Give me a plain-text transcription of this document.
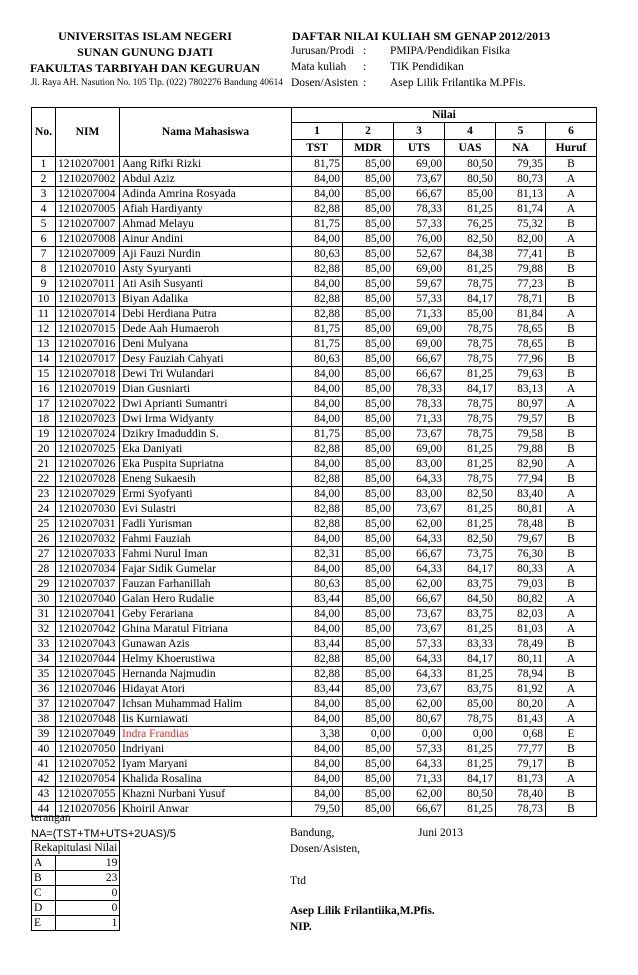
UNIVERSITAS ISLAM NEGERI
SUNAN GUNUNG DJATI
FAKULTAS TARBIYAH DAN KEGURUAN
Jl. Raya AH. Nasution No. 105 Tlp. (022) 7802276 Bandung 40614
DAFTAR NILAI KULIAH SM GENAP 2012/2013
Jurusan/Prodi : PMIPA/Pendidikan Fisika
Mata kuliah : TIK Pendidikan
Dosen/Asisten : Asep Lilik Frilantika M.PFis.
No.	NIM	Nama Mahasiswa	Nilai					
			1	2	3	4	5	6
			TST	MDR	UTS	UAS	NA	Huruf
1	1210207001	Aang Rifki Rizki	81,75	85,00	69,00	80,50	79,35	B
2	1210207002	Abdul Aziz	84,00	85,00	73,67	80,50	80,73	A
3	1210207004	Adinda Amrina Rosyada	84,00	85,00	66,67	85,00	81,13	A
4	1210207005	Afiah Hardiyanty	82,88	85,00	78,33	81,25	81,74	A
5	1210207007	Ahmad Melayu	81,75	85,00	57,33	76,25	75,32	B
6	1210207008	Ainur Andini	84,00	85,00	76,00	82,50	82,00	A
7	1210207009	Aji Fauzi Nurdin	80,63	85,00	52,67	84,38	77,41	B
8	1210207010	Asty Syuryanti	82,88	85,00	69,00	81,25	79,88	B
9	1210207011	Ati Asih Susyanti	84,00	85,00	59,67	78,75	77,23	B
10	1210207013	Biyan Adalika	82,88	85,00	57,33	84,17	78,71	B
11	1210207014	Debi Herdiana Putra	82,88	85,00	71,33	85,00	81,84	A
12	1210207015	Dede Aah Humaeroh	81,75	85,00	69,00	78,75	78,65	B
13	1210207016	Deni Mulyana	81,75	85,00	69,00	78,75	78,65	B
14	1210207017	Desy Fauziah Cahyati	80,63	85,00	66,67	78,75	77,96	B
15	1210207018	Dewi Tri Wulandari	84,00	85,00	66,67	81,25	79,63	B
16	1210207019	Dian Gusniarti	84,00	85,00	78,33	84,17	83,13	A
17	1210207022	Dwi Aprianti Sumantri	84,00	85,00	78,33	78,75	80,97	A
18	1210207023	Dwi Irma Widyanty	84,00	85,00	71,33	78,75	79,57	B
19	1210207024	Dzikry Imaduddin S.	81,75	85,00	73,67	78,75	79,58	B
20	1210207025	Eka Daniyati	82,88	85,00	69,00	81,25	79,88	B
21	1210207026	Eka Puspita Supriatna	84,00	85,00	83,00	81,25	82,90	A
22	1210207028	Eneng Sukaesih	82,88	85,00	64,33	78,75	77,94	B
23	1210207029	Ermi Syofyanti	84,00	85,00	83,00	82,50	83,40	A
24	1210207030	Evi Sulastri	82,88	85,00	73,67	81,25	80,81	A
25	1210207031	Fadli Yurisman	82,88	85,00	62,00	81,25	78,48	B
26	1210207032	Fahmi Fauziah	84,00	85,00	64,33	82,50	79,67	B
27	1210207033	Fahmi Nurul Iman	82,31	85,00	66,67	73,75	76,30	B
28	1210207034	Fajar Sidik Gumelar	84,00	85,00	64,33	84,17	80,33	A
29	1210207037	Fauzan Farhanillah	80,63	85,00	62,00	83,75	79,03	B
30	1210207040	Galan Hero Rudalie	83,44	85,00	66,67	84,50	80,82	A
31	1210207041	Geby Ferariana	84,00	85,00	73,67	83,75	82,03	A
32	1210207042	Ghina Maratul Fitriana	84,00	85,00	73,67	81,25	81,03	A
33	1210207043	Gunawan Azis	83,44	85,00	57,33	83,33	78,49	B
34	1210207044	Helmy Khoerustiwa	82,88	85,00	64,33	84,17	80,11	A
35	1210207045	Hernanda Najmudin	82,88	85,00	64,33	81,25	78,94	B
36	1210207046	Hidayat Atori	83,44	85,00	73,67	83,75	81,92	A
37	1210207047	Ichsan Muhammad Halim	84,00	85,00	62,00	85,00	80,20	A
38	1210207048	Iis Kurniawati	84,00	85,00	80,67	78,75	81,43	A
39	1210207049	Indra Frandias	3,38	0,00	0,00	0,00	0,68	E
40	1210207050	Indriyani	84,00	85,00	57,33	81,25	77,77	B
41	1210207052	Iyam Maryani	84,00	85,00	64,33	81,25	79,17	B
42	1210207054	Khalida Rosalina	84,00	85,00	71,33	84,17	81,73	A
43	1210207055	Khazni Nurbani Yusuf	84,00	85,00	62,00	80,50	78,40	B
44	1210207056	Khoiril Anwar	79,50	85,00	66,67	81,25	78,73	B
terangan
NA=(TST+TM+UTS+2UAS)/5
Rekapitulasi Nilai	
A	19
B	23
C	0
D	0
E	1
Bandung,	Juni 2013
Dosen/Asisten,
Ttd
Asep Lilik Frilantiika,M.Pfis.
NIP.
